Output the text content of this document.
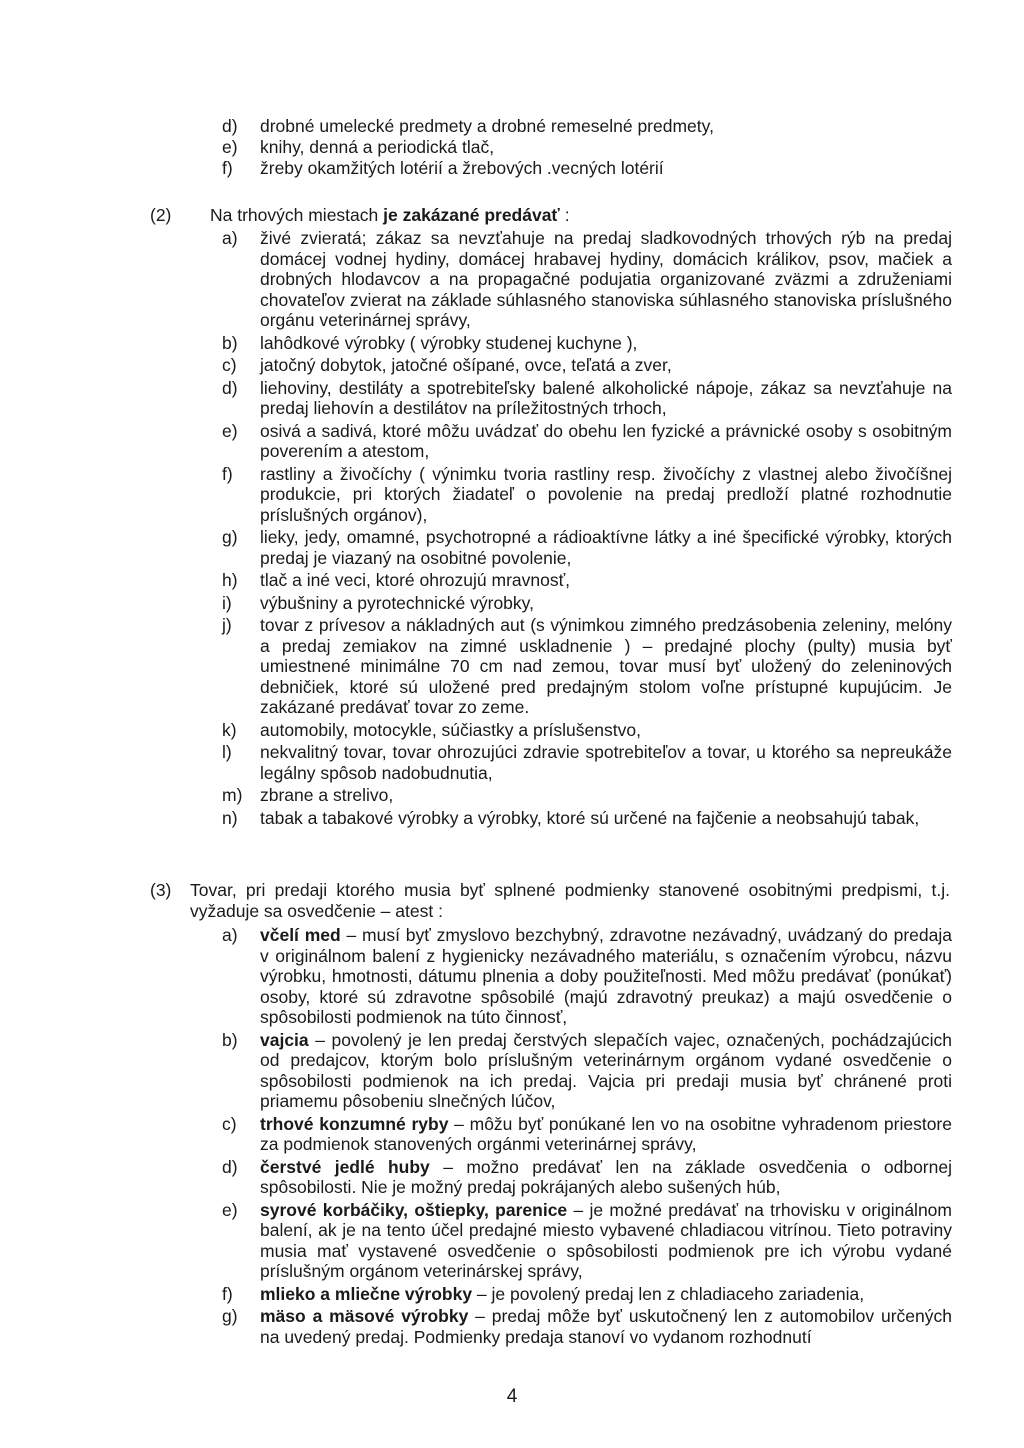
d) drobné umelecké predmety a drobné remeselné predmety,
e) knihy, denná a periodická tlač,
f) žreby okamžitých lotérií a žrebových .vecných lotérií
(2) Na trhových miestach je zakázané predávať :
a) živé zvieratá; zákaz sa nevzťahuje na predaj sladkovodných trhových rýb na predaj domácej vodnej hydiny, domácej hrabavej hydiny, domácich králikov, psov, mačiek a drobných hlodavcov a na propagačné podujatia organizované zväzmi a združeniami chovateľov zvierat na základe súhlasného stanoviska súhlasného stanoviska príslušného orgánu veterinárnej správy,
b) lahôdkové výrobky ( výrobky studenej kuchyne ),
c) jatočný dobytok, jatočné ošípané, ovce, teľatá a zver,
d) liehoviny, destiláty a spotrebiteľsky balené alkoholické nápoje, zákaz sa nevzťahuje na predaj liehovín a destilátov na príležitostných trhoch,
e) osivá a sadivá, ktoré môžu uvádzať do obehu len fyzické a právnické osoby s osobitným poverením a atestom,
f) rastliny a živočíchy ( výnimku tvoria rastliny resp. živočíchy z vlastnej alebo živočíšnej produkcie, pri ktorých žiadateľ o povolenie na predaj predloží platné rozhodnutie príslušných orgánov),
g) lieky, jedy, omamné, psychotropné a rádioaktívne látky a iné špecifické výrobky, ktorých predaj je viazaný na osobitné povolenie,
h) tlač a iné veci, ktoré ohrozujú mravnosť,
i) výbušniny a pyrotechnické výrobky,
j) tovar z prívesov a nákladných aut (s výnimkou zimného predzásobenia zeleniny, melóny a predaj zemiakov na zimné uskladnenie ) – predajné plochy (pulty) musia byť umiestnené minimálne 70 cm nad zemou, tovar musí byť uložený do zeleninových debničiek, ktoré sú uložené pred predajným stolom voľne prístupné kupujúcim. Je zakázané predávať tovar zo zeme.
k) automobily, motocykle, súčiastky a príslušenstvo,
l) nekvalitný tovar, tovar ohrozujúci zdravie spotrebiteľov a tovar, u ktorého sa nepreukáže legálny spôsob nadobudnutia,
m) zbrane a strelivo,
n) tabak a tabakové výrobky a výrobky, ktoré sú určené na fajčenie a neobsahujú tabak,
(3) Tovar, pri predaji ktorého musia byť splnené podmienky stanovené osobitnými predpismi, t.j. vyžaduje sa osvedčenie – atest :
a) včelí med – musí byť zmyslovo bezchybný, zdravotne nezávadný, uvádzaný do predaja v originálnom balení z hygienicky nezávadného materiálu, s označením výrobcu, názvu výrobku, hmotnosti, dátumu plnenia a doby použiteľnosti. Med môžu predávať (ponúkať) osoby, ktoré sú zdravotne spôsobilé (majú zdravotný preukaz) a majú osvedčenie o spôsobilosti podmienok na túto činnosť,
b) vajcia – povolený je len predaj čerstvých slepačích vajec, označených, pochádzajúcich od predajcov, ktorým bolo príslušným veterinárnym orgánom vydané osvedčenie o spôsobilosti podmienok na ich predaj. Vajcia pri predaji musia byť chránené proti priamemu pôsobeniu slnečných lúčov,
c) trhové konzumné ryby – môžu byť ponúkané len vo na osobitne vyhradenom priestore za podmienok stanovených orgánmi veterinárnej správy,
d) čerstvé jedlé huby – možno predávať len na základe osvedčenia o odbornej spôsobilosti. Nie je možný predaj pokrájaných alebo sušených húb,
e) syrové korbáčiky, oštiepky, parenice – je možné predávať na trhovisku v originálnom balení, ak je na tento účel predajné miesto vybavené chladiacou vitrínou. Tieto potraviny musia mať vystavené osvedčenie o spôsobilosti podmienok pre ich výrobu vydané príslušným orgánom veterinárskej správy,
f) mlieko a mliečne výrobky – je povolený predaj len z chladiaceho zariadenia,
g) mäso a mäsové výrobky – predaj môže byť uskutočnený len z automobilov určených na uvedený predaj. Podmienky predaja stanoví vo vydanom rozhodnutí
4
